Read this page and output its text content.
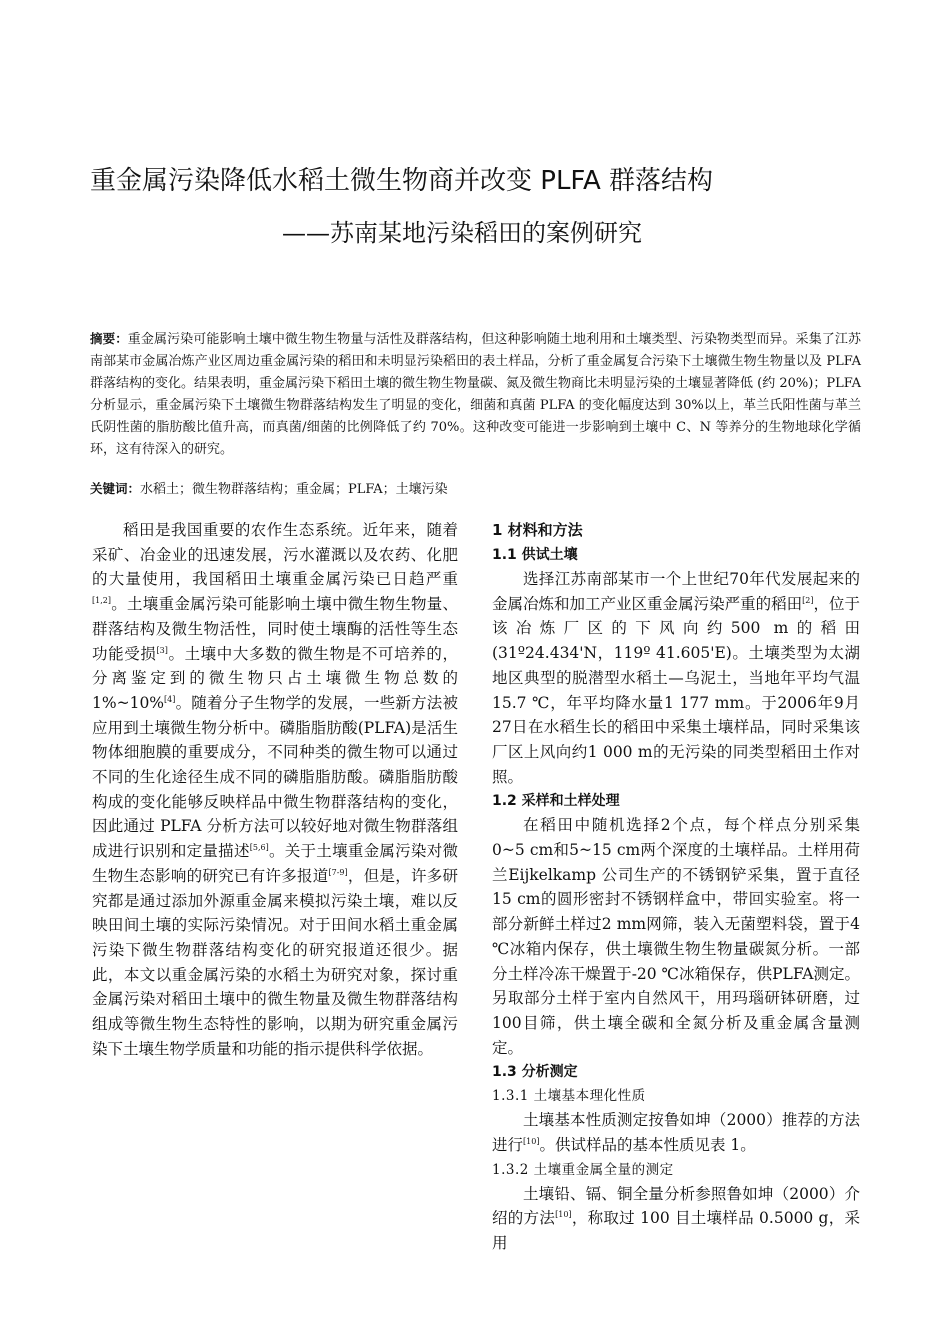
重金属污染降低水稻土微生物商并改变 PLFA 群落结构
——苏南某地污染稻田的案例研究

摘要：重金属污染可能影响土壤中微生物生物量与活性及群落结构，但这种影响随土地利用和土壤类型、污染物类型而异。采集了江苏南部某市金属冶炼产业区周边重金属污染的稻田和未明显污染稻田的表土样品，分析了重金属复合污染下土壤微生物生物量以及 PLFA 群落结构的变化。结果表明，重金属污染下稻田土壤的微生物生物量碳、氮及微生物商比未明显污染的土壤显著降低 (约 20%)；PLFA 分析显示，重金属污染下土壤微生物群落结构发生了明显的变化，细菌和真菌 PLFA 的变化幅度达到 30%以上，革兰氏阳性菌与革兰氏阴性菌的脂肪酸比值升高，而真菌/细菌的比例降低了约 70%。这种改变可能进一步影响到土壤中 C、N 等养分的生物地球化学循环，这有待深入的研究。

关键词：水稻土；微生物群落结构；重金属；PLFA；土壤污染

稻田是我国重要的农作生态系统。近年来，随着采矿、冶金业的迅速发展，污水灌溉以及农药、化肥的大量使用，我国稻田土壤重金属污染已日趋严重[1,2]。土壤重金属污染可能影响土壤中微生物生物量、群落结构及微生物活性，同时使土壤酶的活性等生态功能受损[3]。土壤中大多数的微生物是不可培养的，分离鉴定到的微生物只占土壤微生物总数的 1%~10%[4]。随着分子生物学的发展，一些新方法被应用到土壤微生物分析中。磷脂脂肪酸(PLFA)是活生物体细胞膜的重要成分，不同种类的微生物可以通过不同的生化途径生成不同的磷脂脂肪酸。磷脂脂肪酸构成的变化能够反映样品中微生物群落结构的变化，因此通过 PLFA 分析方法可以较好地对微生物群落组成进行识别和定量描述[5,6]。关于土壤重金属污染对微生物生态影响的研究已有许多报道[7-9]，但是，许多研究都是通过添加外源重金属来模拟污染土壤，难以反映田间土壤的实际污染情况。对于田间水稻土重金属污染下微生物群落结构变化的研究报道还很少。据此，本文以重金属污染的水稻土为研究对象，探讨重金属污染对稻田土壤中的微生物量及微生物群落结构组成等微生物生态特性的影响，以期为研究重金属污染下土壤生物学质量和功能的指示提供科学依据。

1 材料和方法
1.1 供试土壤

选择江苏南部某市一个上世纪70年代发展起来的金属冶炼和加工产业区重金属污染严重的稻田[2]，位于该冶炼厂区的下风向约500 m的稻田(31º24.434'N，119º 41.605'E)。土壤类型为太湖地区典型的脱潜型水稻土—乌泥土，当地年平均气温15.7 ℃，年平均降水量1 177 mm。于2006年9月27日在水稻生长的稻田中采集土壤样品，同时采集该厂区上风向约1 000 m的无污染的同类型稻田土作对照。

1.2 采样和土样处理

在稻田中随机选择2个点，每个样点分别采集0~5 cm和5~15 cm两个深度的土壤样品。土样用荷兰Eijkelkamp 公司生产的不锈钢铲采集，置于直径15 cm的圆形密封不锈钢样盒中，带回实验室。将一部分新鲜土样过2 mm网筛，装入无菌塑料袋，置于4 ℃冰箱内保存，供土壤微生物生物量碳氮分析。一部分土样冷冻干燥置于-20 ℃冰箱保存，供PLFA测定。另取部分土样于室内自然风干，用玛瑙研钵研磨，过100目筛，供土壤全碳和全氮分析及重金属含量测定。

1.3 分析测定
1.3.1 土壤基本理化性质

土壤基本性质测定按鲁如坤（2000）推荐的方法进行[10]。供试样品的基本性质见表 1。

1.3.2 土壤重金属全量的测定

土壤铅、镉、铜全量分析参照鲁如坤（2000）介绍的方法[10]，称取过 100 目土壤样品 0.5000 g，采用
